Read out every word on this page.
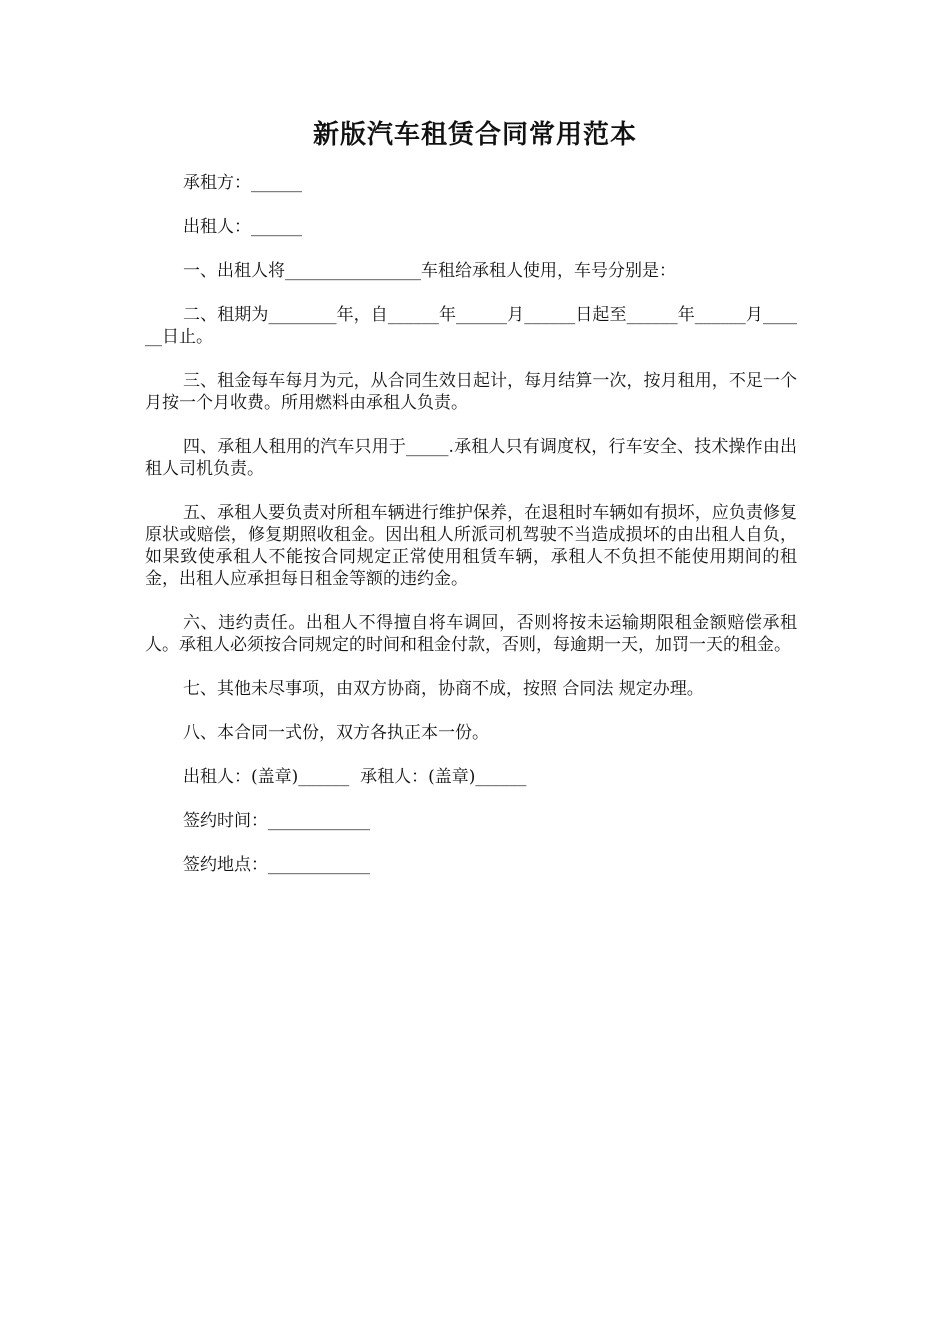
新版汽车租赁合同常用范本

承租方：______

出租人：______

一、出租人将________________车租给承租人使用，车号分别是：

二、租期为________年，自______年______月______日起至______年______月______日止。

三、租金每车每月为元，从合同生效日起计，每月结算一次，按月租用，不足一个月按一个月收费。所用燃料由承租人负责。

四、承租人租用的汽车只用于_____.承租人只有调度权，行车安全、技术操作由出租人司机负责。

五、承租人要负责对所租车辆进行维护保养，在退租时车辆如有损坏，应负责修复原状或赔偿，修复期照收租金。因出租人所派司机驾驶不当造成损坏的由出租人自负，如果致使承租人不能按合同规定正常使用租赁车辆，承租人不负担不能使用期间的租金，出租人应承担每日租金等额的违约金。

六、违约责任。出租人不得擅自将车调回，否则将按未运输期限租金额赔偿承租人。承租人必须按合同规定的时间和租金付款，否则，每逾期一天，加罚一天的租金。

七、其他未尽事项，由双方协商，协商不成，按照 合同法 规定办理。

八、本合同一式份，双方各执正本一份。

出租人：(盖章)______  承租人：(盖章)______

签约时间：____________

签约地点：____________
